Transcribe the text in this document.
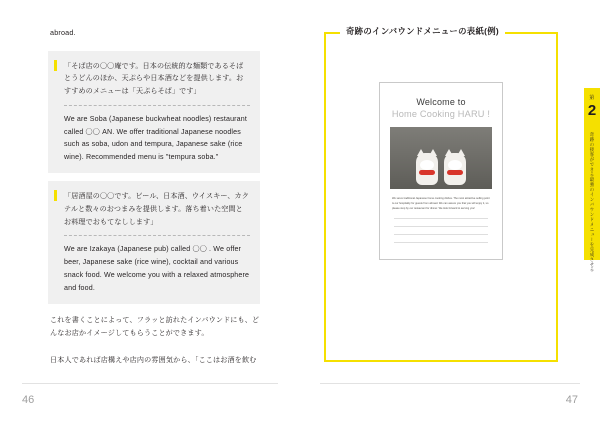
abroad.

「そば店の〇〇庵です。日本の伝統的な麺類であるそばとうどんのほか、天ぷらや日本酒などを提供します。おすすめのメニューは「天ぷらそば」です」

We are Soba (Japanese buckwheat noodles) restaurant called 〇〇 AN. We offer traditional Japanese noodles such as soba, udon and tempura, Japanese sake (rice wine). Recommended menu is "tempura soba."

「居酒屋の〇〇です。ビール、日本酒、ウイスキー、カクテルと数々のおつまみを提供します。落ち着いた空間とお料理でおもてなしします」

We are Izakaya (Japanese pub) called 〇〇 . We offer beer, Japanese sake (rice wine), cocktail and various snack food. We welcome you with a relaxed atmosphere and food.

これを書くことによって、フラッと訪れたインバウンドにも、どんなお店かイメージしてもらうことができます。

日本人であれば店構えや店内の雰囲気から、「ここはお酒を飲む

46
奇跡のインバウンドメニューの表紙(例)

Welcome to

Home Cooking HARU !

We serve traditional Japanese home cooking dishes. The most attractive selling point is our hospitality for guests from abroad. We can assure you that you will enjoy it, so please stop by our restaurant for dinner. We look forward to serving you!

第
2
奇跡の接客ができる最強のインバウンドメニューを完成させる
47
